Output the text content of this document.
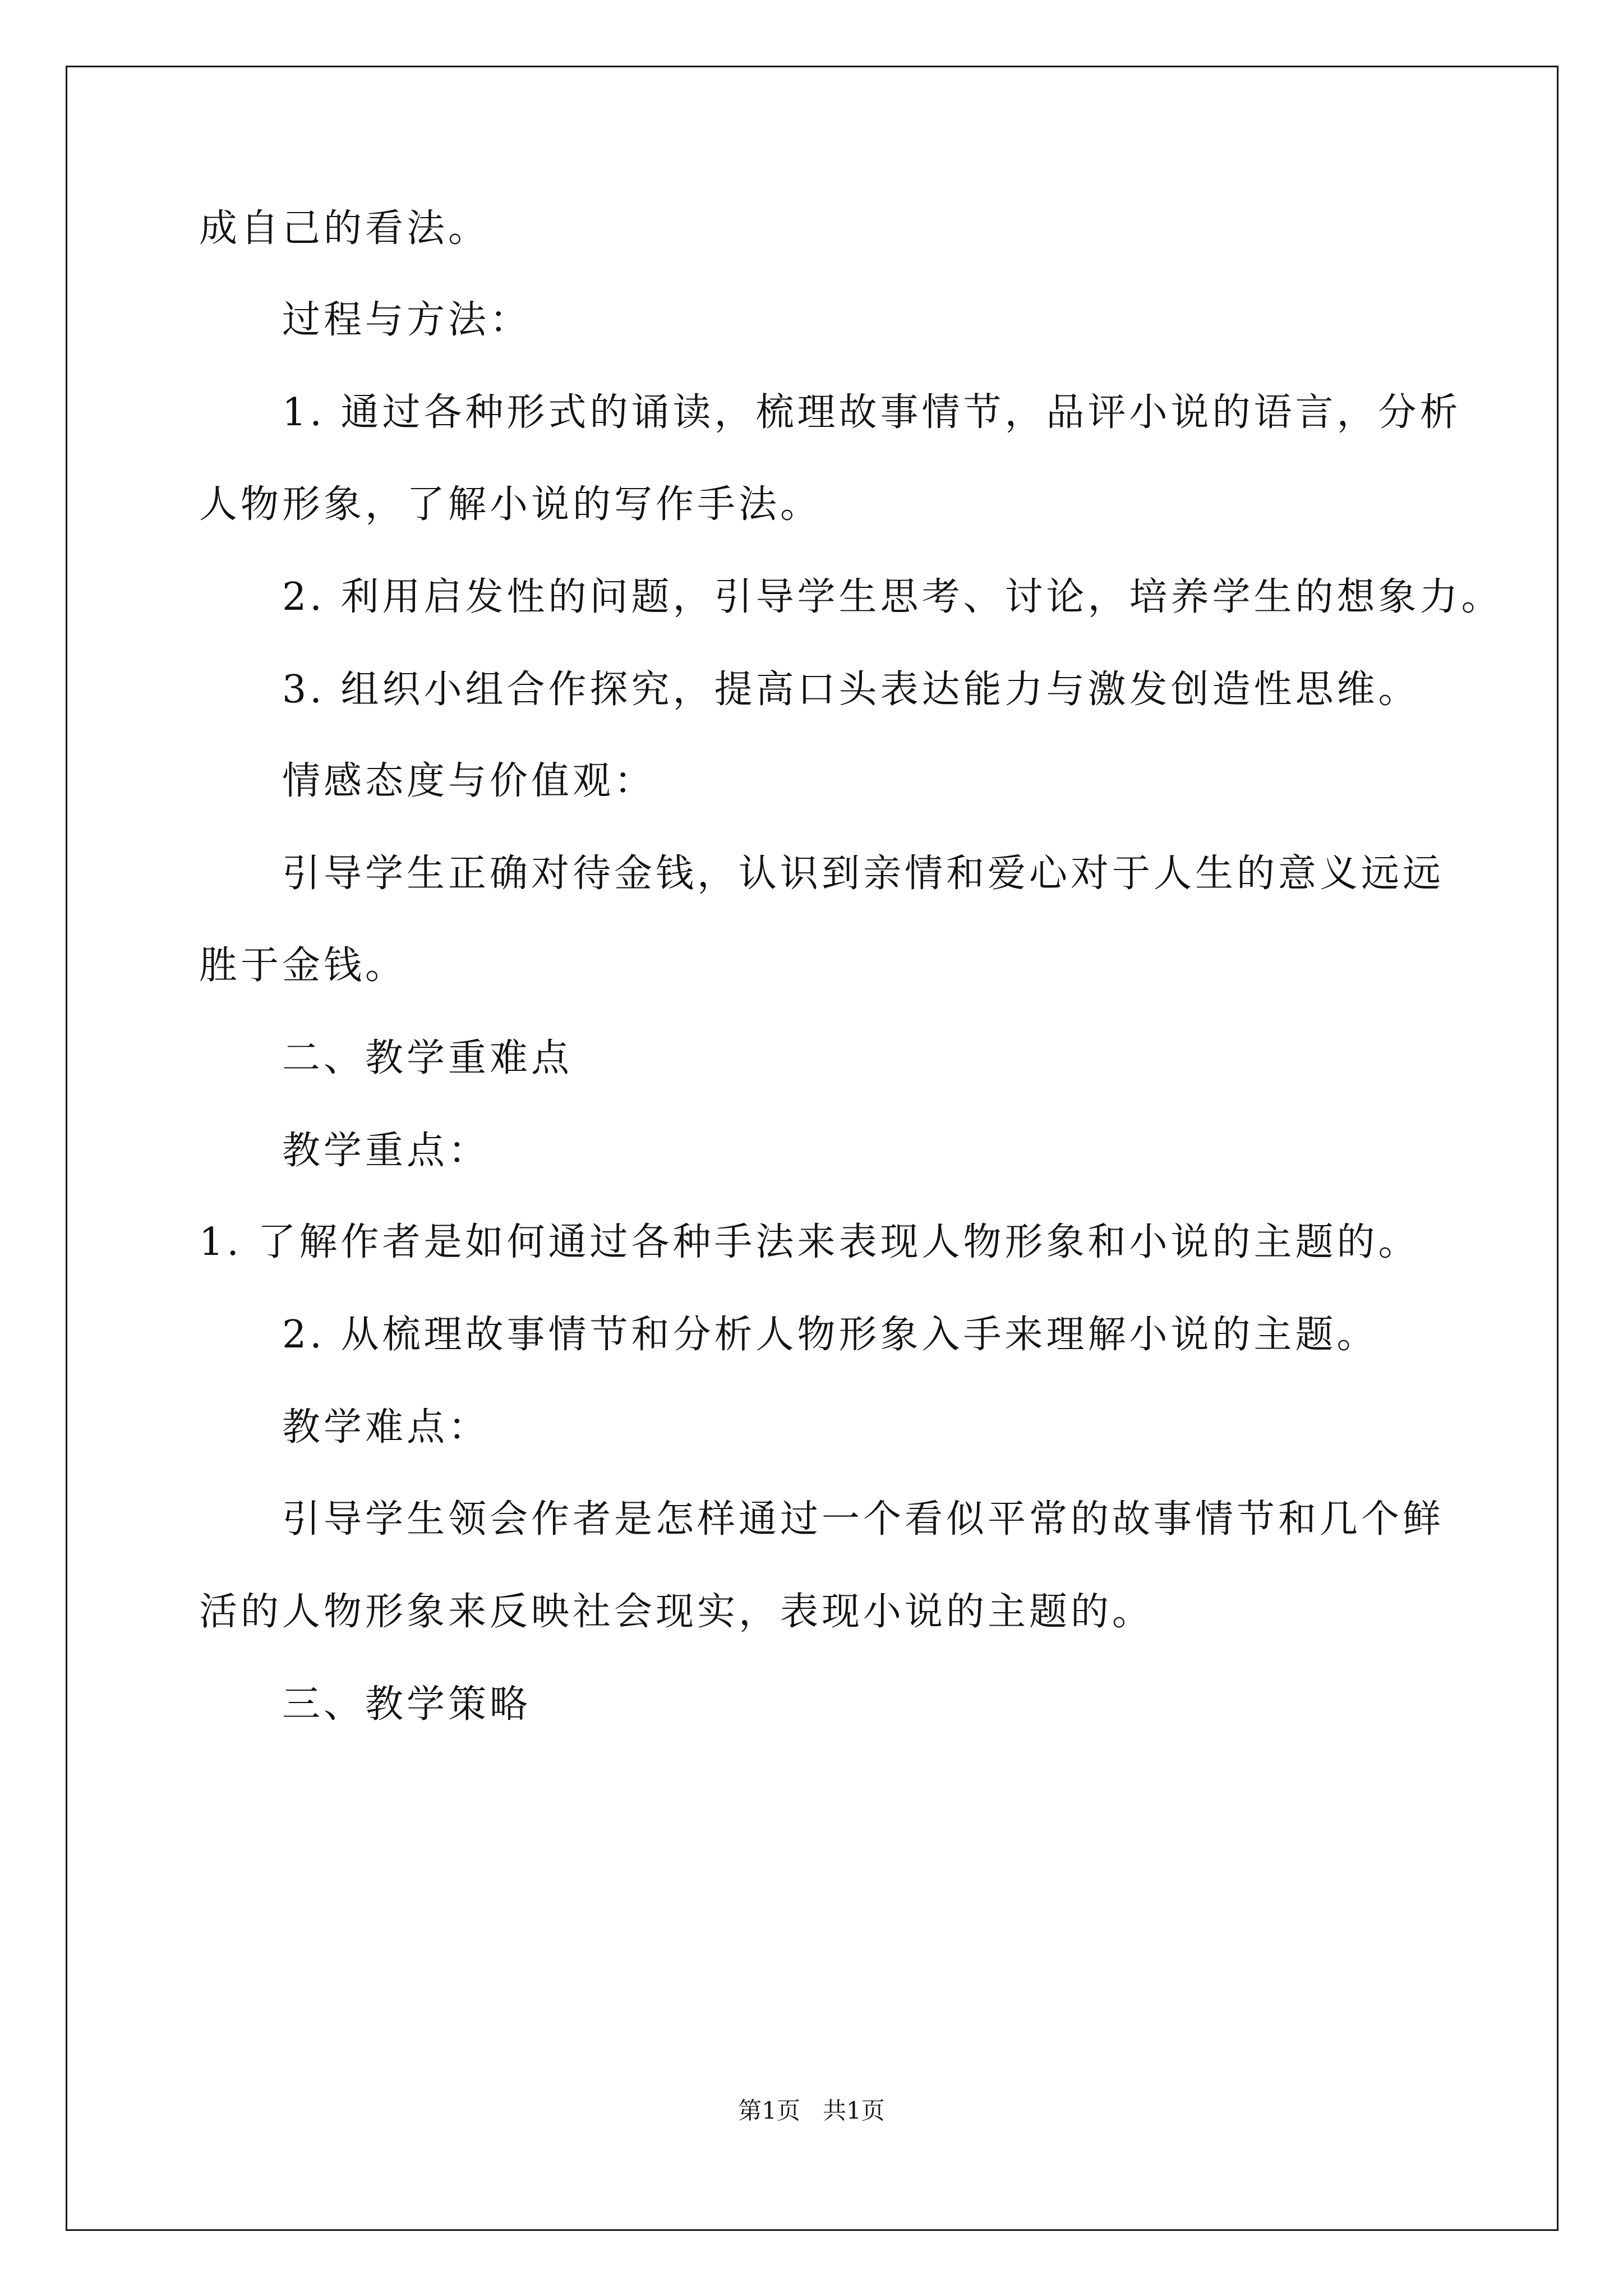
成自己的看法。

过程与方法：

1. 通过各种形式的诵读，梳理故事情节，品评小说的语言，分析

人物形象，了解小说的写作手法。

2. 利用启发性的问题，引导学生思考、讨论，培养学生的想象力。

3. 组织小组合作探究，提高口头表达能力与激发创造性思维。

情感态度与价值观：

引导学生正确对待金钱，认识到亲情和爱心对于人生的意义远远

胜于金钱。

二、教学重难点

教学重点：

1. 了解作者是如何通过各种手法来表现人物形象和小说的主题的。

2. 从梳理故事情节和分析人物形象入手来理解小说的主题。

教学难点：

引导学生领会作者是怎样通过一个看似平常的故事情节和几个鲜

活的人物形象来反映社会现实，表现小说的主题的。

三、教学策略

第1页   共1页
